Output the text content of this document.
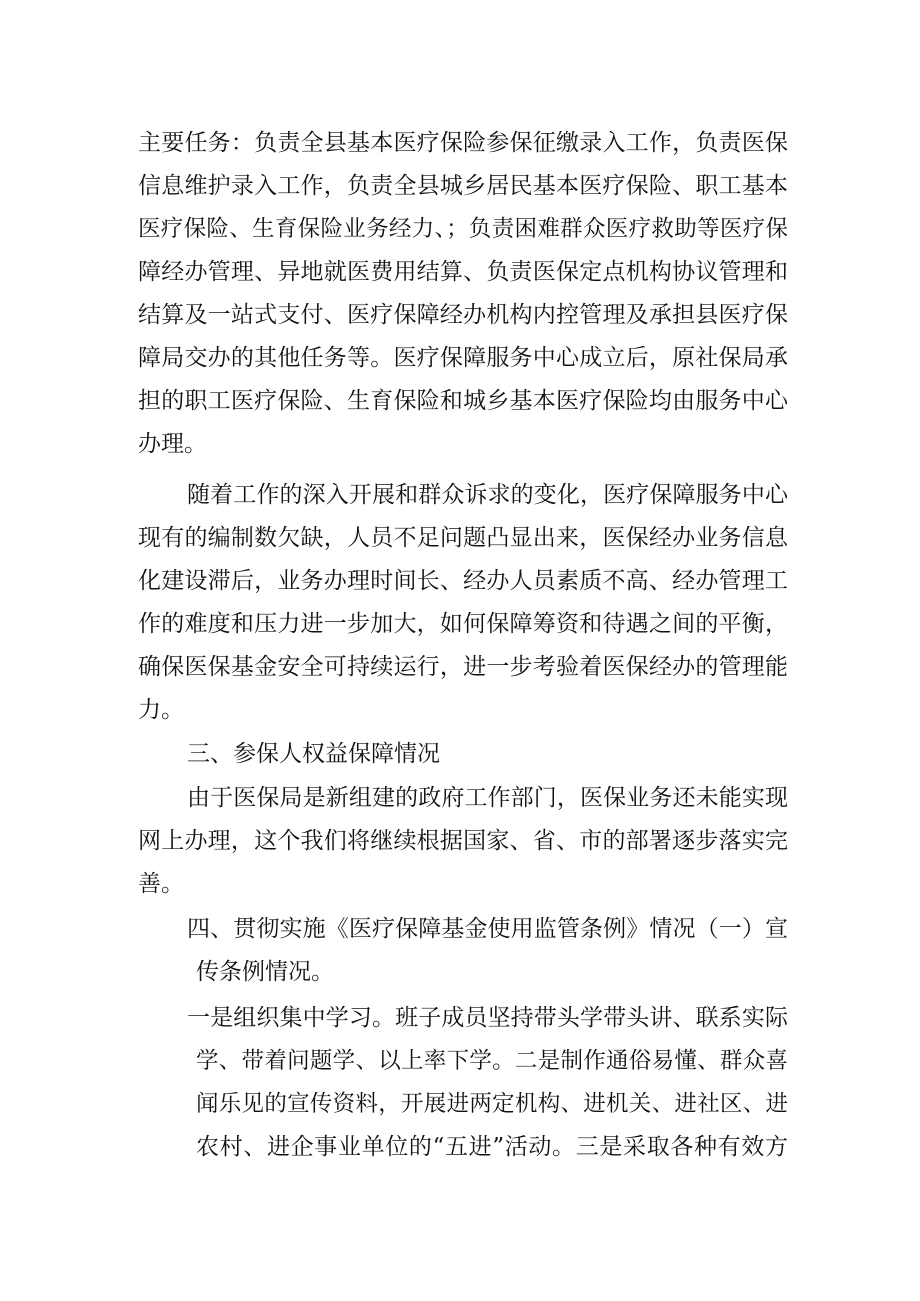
主要任务：负责全县基本医疗保险参保征缴录入工作，负责医保
信息维护录入工作，负责全县城乡居民基本医疗保险、职工基本
医疗保险、生育保险业务经力、；负责困难群众医疗救助等医疗保
障经办管理、异地就医费用结算、负责医保定点机构协议管理和
结算及一站式支付、医疗保障经办机构内控管理及承担县医疗保
障局交办的其他任务等。医疗保障服务中心成立后，原社保局承
担的职工医疗保险、生育保险和城乡基本医疗保险均由服务中心
办理。
随着工作的深入开展和群众诉求的变化，医疗保障服务中心
现有的编制数欠缺，人员不足问题凸显出来，医保经办业务信息
化建设滞后，业务办理时间长、经办人员素质不高、经办管理工
作的难度和压力进一步加大，如何保障筹资和待遇之间的平衡，
确保医保基金安全可持续运行，进一步考验着医保经办的管理能
力。
三、参保人权益保障情况
由于医保局是新组建的政府工作部门，医保业务还未能实现
网上办理，这个我们将继续根据国家、省、市的部署逐步落实完
善。
四、贯彻实施《医疗保障基金使用监管条例》情况（一）宣
传条例情况。
一是组织集中学习。班子成员坚持带头学带头讲、联系实际
学、带着问题学、以上率下学。二是制作通俗易懂、群众喜
闻乐见的宣传资料，开展进两定机构、进机关、进社区、进
农村、进企事业单位的“五进”活动。三是采取各种有效方
